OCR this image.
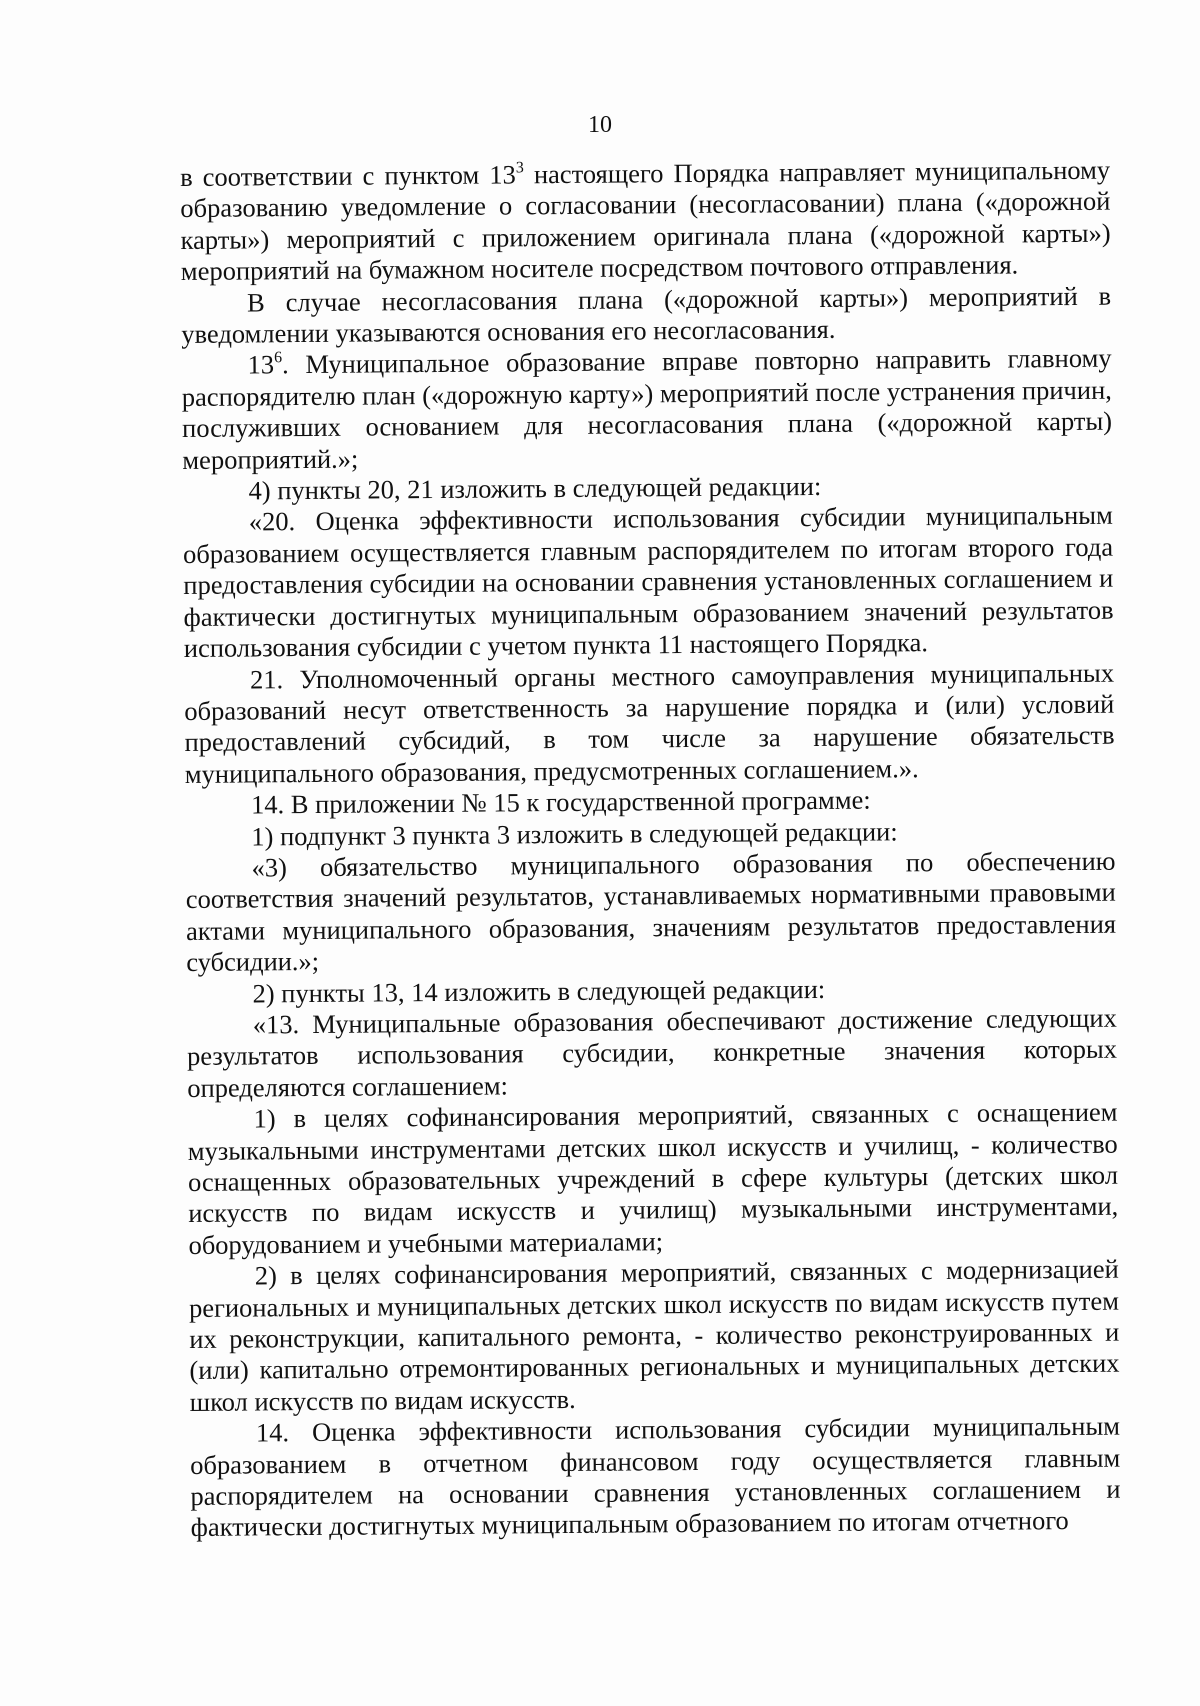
10

в соответствии с пунктом $13^3$ настоящего Порядка направляет муниципальному образованию уведомление о согласовании (несогласовании) плана («дорожной карты») мероприятий с приложением оригинала плана («дорожной карты») мероприятий на бумажном носителе посредством почтового отправления.

В случае несогласования плана («дорожной карты») мероприятий в уведомлении указываются основания его несогласования.

$13^6$. Муниципальное образование вправе повторно направить главному распорядителю план («дорожную карту») мероприятий после устранения причин, послуживших основанием для несогласования плана («дорожной карты) мероприятий.»;

4) пункты 20, 21 изложить в следующей редакции:

«20. Оценка эффективности использования субсидии муниципальным образованием осуществляется главным распорядителем по итогам второго года предоставления субсидии на основании сравнения установленных соглашением и фактически достигнутых муниципальным образованием значений результатов использования субсидии с учетом пункта 11 настоящего Порядка.

21. Уполномоченный органы местного самоуправления муниципальных образований несут ответственность за нарушение порядка и (или) условий предоставлений субсидий, в том числе за нарушение обязательств муниципального образования, предусмотренных соглашением.».

14. В приложении № 15 к государственной программе:

1) подпункт 3 пункта 3 изложить в следующей редакции:

«3) обязательство муниципального образования по обеспечению соответствия значений результатов, устанавливаемых нормативными правовыми актами муниципального образования, значениям результатов предоставления субсидии.»;

2) пункты 13, 14 изложить в следующей редакции:

«13. Муниципальные образования обеспечивают достижение следующих результатов использования субсидии, конкретные значения которых определяются соглашением:

1) в целях софинансирования мероприятий, связанных с оснащением музыкальными инструментами детских школ искусств и училищ, - количество оснащенных образовательных учреждений в сфере культуры (детских школ искусств по видам искусств и училищ) музыкальными инструментами, оборудованием и учебными материалами;

2) в целях софинансирования мероприятий, связанных с модернизацией региональных и муниципальных детских школ искусств по видам искусств путем их реконструкции, капитального ремонта, - количество реконструированных и (или) капитально отремонтированных региональных и муниципальных детских школ искусств по видам искусств.

14. Оценка эффективности использования субсидии муниципальным образованием в отчетном финансовом году осуществляется главным распорядителем на основании сравнения установленных соглашением и фактически достигнутых муниципальным образованием по итогам отчетного
